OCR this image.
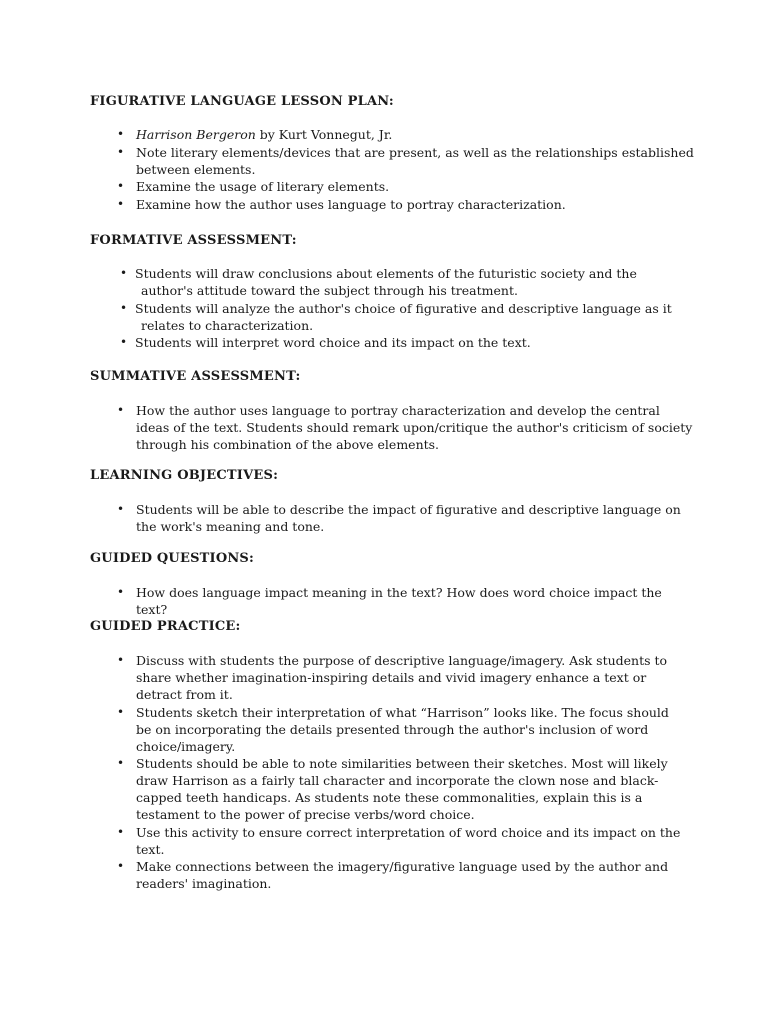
FIGURATIVE LANGUAGE LESSON PLAN:
• Harrison Bergeron by Kurt Vonnegut, Jr.
• Note literary elements/devices that are present, as well as the relationships established between elements.
• Examine the usage of literary elements.
• Examine how the author uses language to portray characterization.
FORMATIVE ASSESSMENT:
• Students will draw conclusions about elements of the futuristic society and the author's attitude toward the subject through his treatment.
• Students will analyze the author's choice of figurative and descriptive language as it relates to characterization.
• Students will interpret word choice and its impact on the text.
SUMMATIVE ASSESSMENT:
• How the author uses language to portray characterization and develop the central ideas of the text. Students should remark upon/critique the author's criticism of society through his combination of the above elements.
LEARNING OBJECTIVES:
• Students will be able to describe the impact of figurative and descriptive language on the work's meaning and tone.
GUIDED QUESTIONS:
• How does language impact meaning in the text? How does word choice impact the text?
GUIDED PRACTICE:
• Discuss with students the purpose of descriptive language/imagery. Ask students to share whether imagination-inspiring details and vivid imagery enhance a text or detract from it.
• Students sketch their interpretation of what “Harrison” looks like. The focus should be on incorporating the details presented through the author's inclusion of word choice/imagery.
• Students should be able to note similarities between their sketches. Most will likely draw Harrison as a fairly tall character and incorporate the clown nose and black-capped teeth handicaps. As students note these commonalities, explain this is a testament to the power of precise verbs/word choice.
• Use this activity to ensure correct interpretation of word choice and its impact on the text.
• Make connections between the imagery/figurative language used by the author and readers' imagination.
